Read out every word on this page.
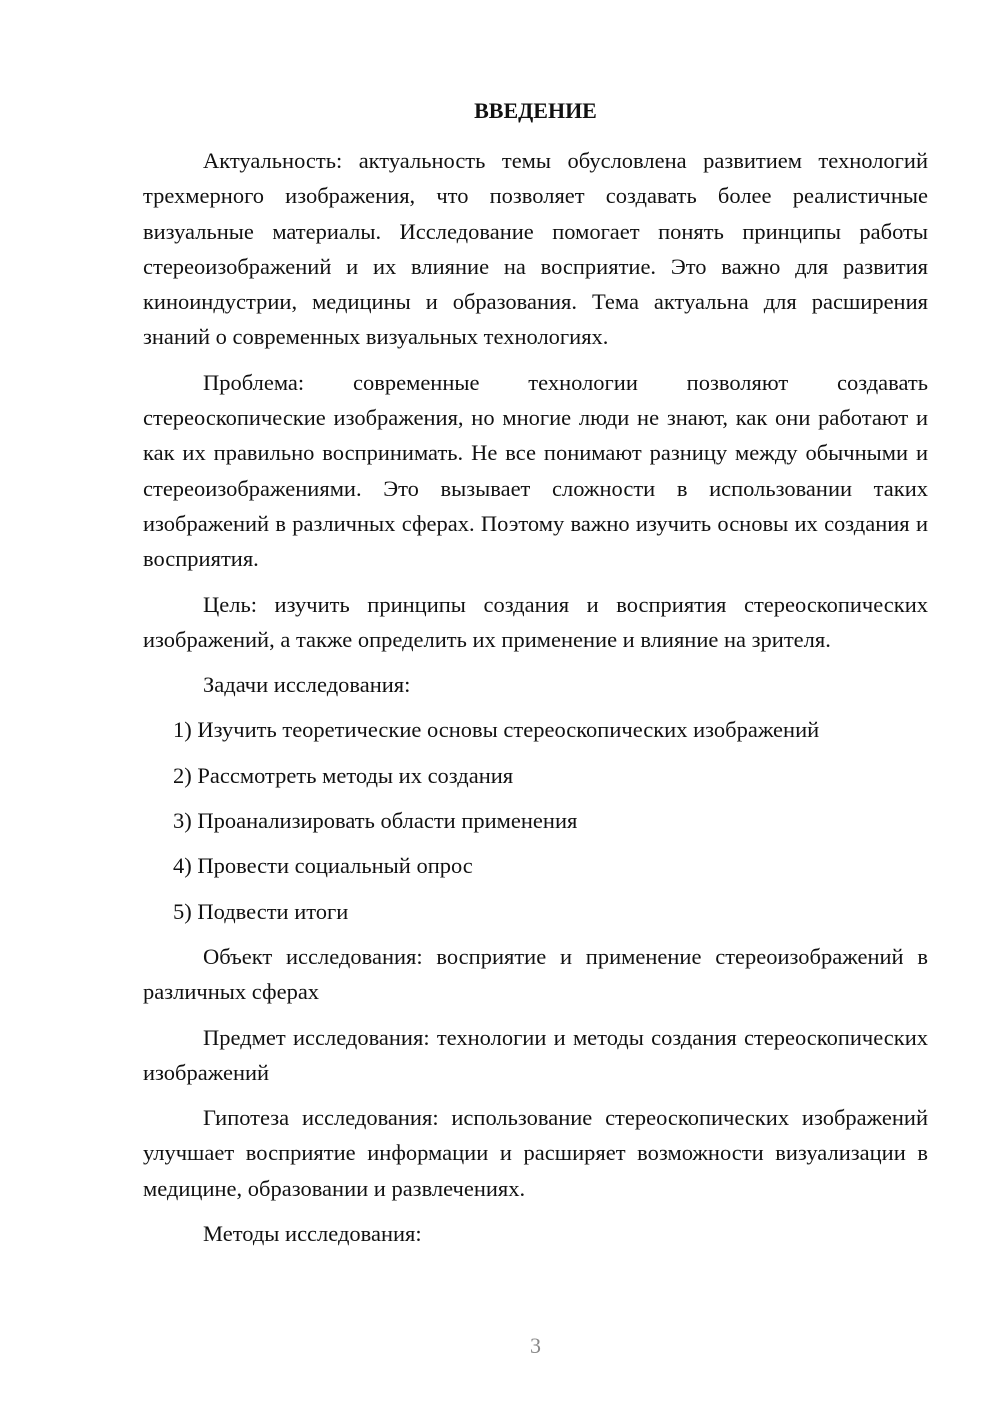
ВВЕДЕНИЕ

Актуальность: актуальность темы обусловлена развитием технологий трехмерного изображения, что позволяет создавать более реалистичные визуальные материалы. Исследование помогает понять принципы работы стереоизображений и их влияние на восприятие. Это важно для развития киноиндустрии, медицины и образования. Тема актуальна для расширения знаний о современных визуальных технологиях.

Проблема: современные технологии позволяют создавать стереоскопические изображения, но многие люди не знают, как они работают и как их правильно воспринимать. Не все понимают разницу между обычными и стереоизображениями. Это вызывает сложности в использовании таких изображений в различных сферах. Поэтому важно изучить основы их создания и восприятия.

Цель: изучить принципы создания и восприятия стереоскопических изображений, а также определить их применение и влияние на зрителя.

Задачи исследования:

1) Изучить теоретические основы стереоскопических изображений
2) Рассмотреть методы их создания
3) Проанализировать области применения
4) Провести социальный опрос
5) Подвести итоги

Объект исследования: восприятие и применение стереоизображений в различных сферах

Предмет исследования: технологии и методы создания стереоскопических изображений

Гипотеза исследования: использование стереоскопических изображений улучшает восприятие информации и расширяет возможности визуализации в медицине, образовании и развлечениях.

Методы исследования:

3
